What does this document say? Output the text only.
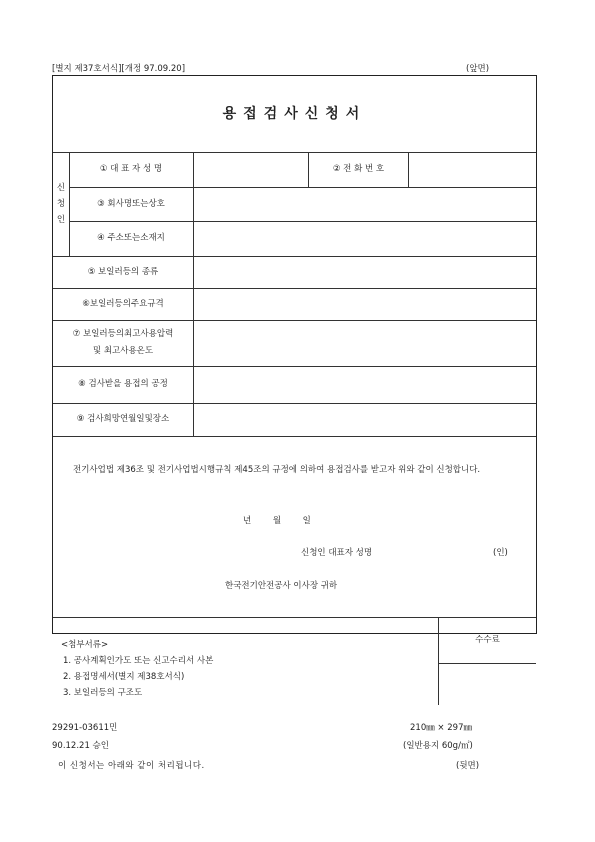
[별지 제37호서식][개정 97.09.20]	(앞면)
용접검사신청서
신
청
인
① 대 표 자 성 명	② 전 화 번 호
③ 회사명또는상호
④ 주소또는소재지
⑤ 보일러등의 종류
⑥보일러등의주요규격
⑦ 보일러등의최고사용압력
및 최고사용온도
⑧ 검사받을 용접의 공정
⑨ 검사희망연월일및장소
전기사업법 제36조 및 전기사업법시행규칙 제45조의 규정에 의하여 용접검사를 받고자 위와 같이 신청합니다.
년        월        일
신청인 대표자 성명	(인)
한국전기안전공사 이사장 귀하
<첨부서류>
1. 공사계획인가도 또는 신고수리서 사본
2. 용접명세서(별지 제38호서식)
3. 보일러등의 구조도
수수료
29291-03611민
90.12.21 승인
210㎜ × 297㎜
(일반용지 60g/㎡)
이 신청서는 아래와 같이 처리됩니다.	(뒷면)
